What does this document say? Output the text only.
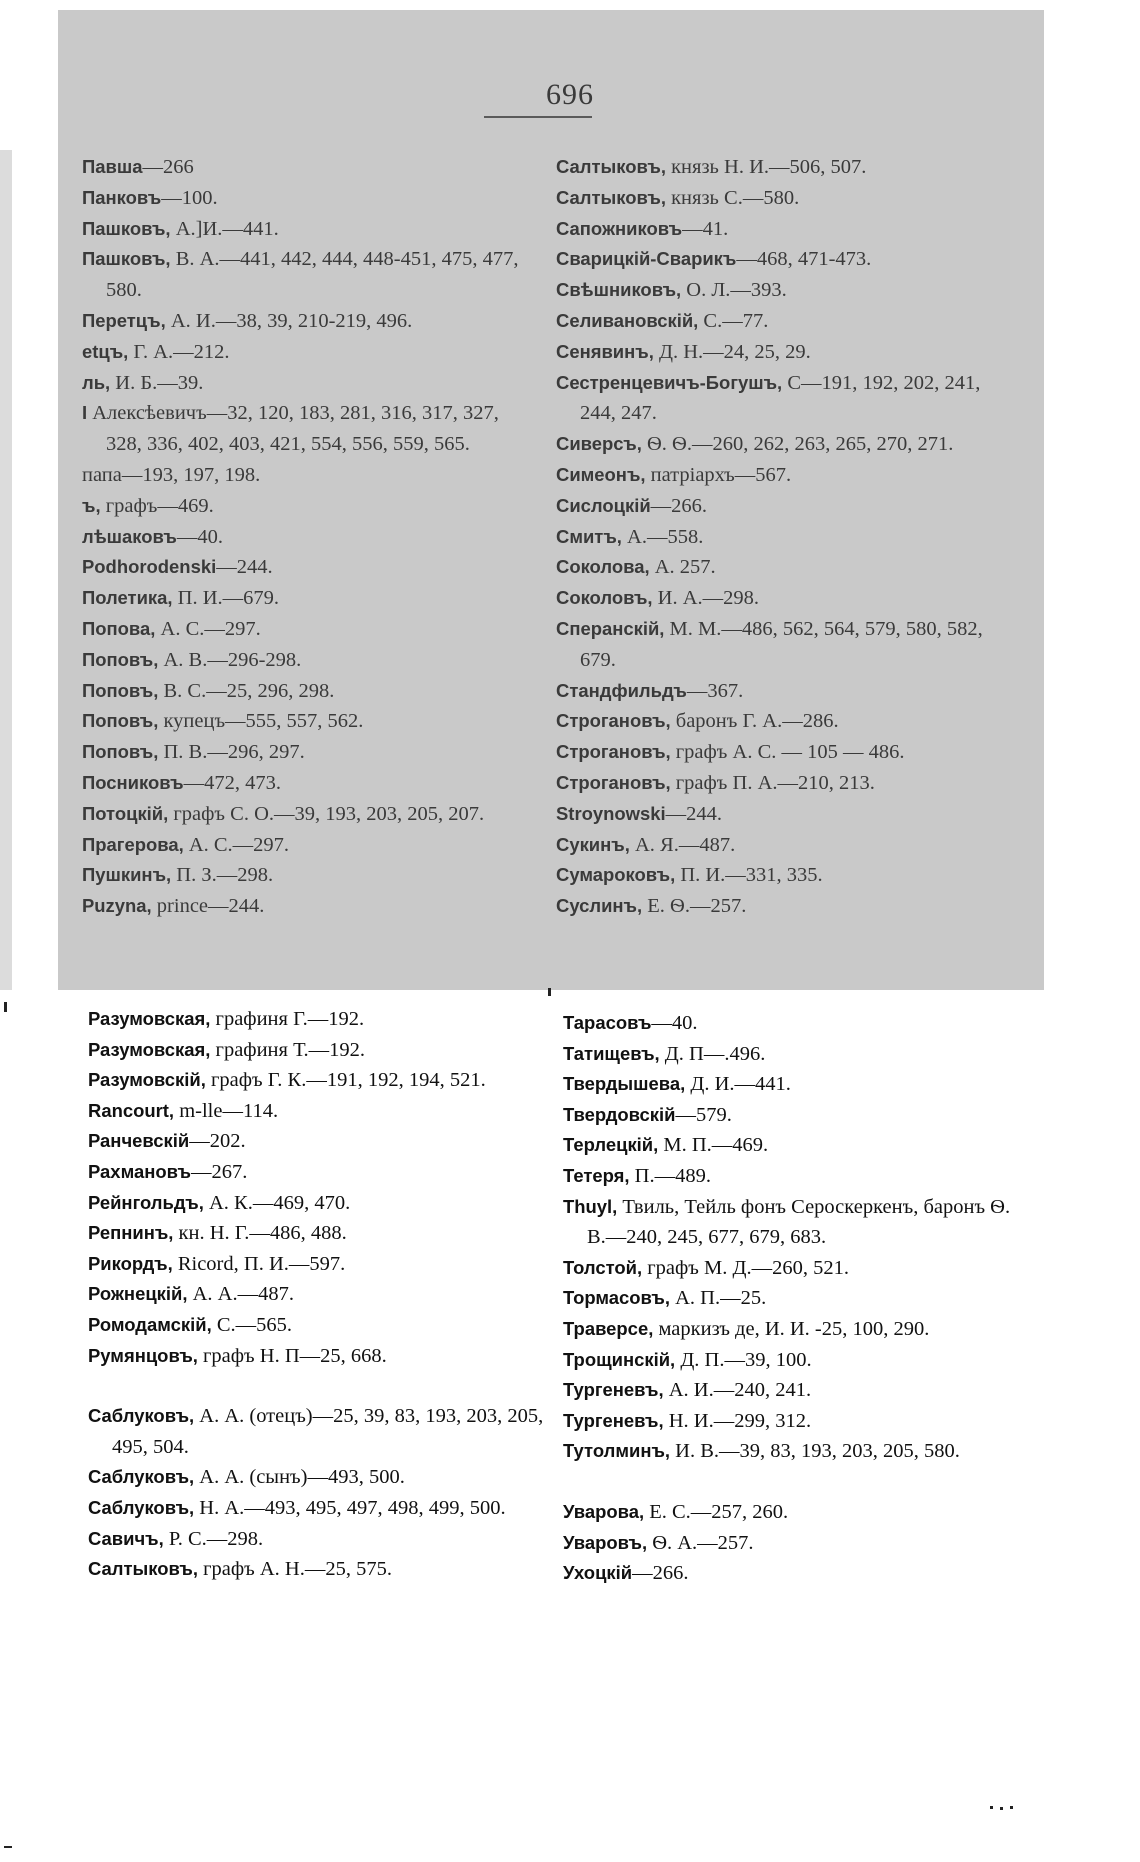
696
Павша—266
Панковъ—100.
Пашковъ, А.]И.—441.
Пашковъ, В. А.—441, 442, 444, 448-451, 475, 477, 580.
Перетцъ, А. И.—38, 39, 210-219, 496.
etцъ, Г. А.—212.
ль, И. Б.—39.
I Алексѣевичъ—32, 120, 183, 281, 316, 317, 327, 328, 336, 402, 403, 421, 554, 556, 559, 565.
папа—193, 197, 198.
ъ, графъ—469.
лѣшаковъ—40.
Podhorodenski—244.
Полетика, П. И.—679.
Попова, А. С.—297.
Поповъ, А. В.—296-298.
Поповъ, В. С.—25, 296, 298.
Поповъ, купецъ—555, 557, 562.
Поповъ, П. В.—296, 297.
Посниковъ—472, 473.
Потоцкій, графъ С. О.—39, 193, 203, 205, 207.
Прагерова, А. С.—297.
Пушкинъ, П. З.—298.
Puzyna, prince—244.
Салтыковъ, князь Н. И.—506, 507.
Салтыковъ, князь С.—580.
Сапожниковъ—41.
Сварицкій-Сварикъ—468, 471-473.
Свѣшниковъ, О. Л.—393.
Селивановскій, С.—77.
Сенявинъ, Д. Н.—24, 25, 29.
Сестренцевичъ-Богушъ, С—191, 192, 202, 241, 244, 247.
Сиверсъ, Ѳ. Ѳ.—260, 262, 263, 265, 270, 271.
Симеонъ, патріархъ—567.
Сислоцкій—266.
Смитъ, А.—558.
Соколова, А. 257.
Соколовъ, И. А.—298.
Сперанскій, М. М.—486, 562, 564, 579, 580, 582, 679.
Стандфильдъ—367.
Строгановъ, баронъ Г. А.—286.
Строгановъ, графъ А. С. — 105 — 486.
Строгановъ, графъ П. А.—210, 213.
Stroynowski—244.
Сукинъ, А. Я.—487.
Сумароковъ, П. И.—331, 335.
Суслинъ, Е. Ѳ.—257.
Разумовская, графиня Г.—192.
Разумовская, графиня Т.—192.
Разумовскій, графъ Г. К.—191, 192, 194, 521.
Rancourt, m-lle—114.
Ранчевскій—202.
Рахмановъ—267.
Рейнгольдъ, А. К.—469, 470.
Репнинъ, кн. Н. Г.—486, 488.
Рикордъ, Ricord, П. И.—597.
Рожнецкій, А. А.—487.
Ромодамскій, С.—565.
Румянцовъ, графъ Н. П—25, 668.
Саблуковъ, А. А. (отецъ)—25, 39, 83, 193, 203, 205, 495, 504.
Саблуковъ, А. А. (сынъ)—493, 500.
Саблуковъ, Н. А.—493, 495, 497, 498, 499, 500.
Савичъ, Р. С.—298.
Салтыковъ, графъ А. Н.—25, 575.
Тарасовъ—40.
Татищевъ, Д. П—.496.
Твердышева, Д. И.—441.
Твердовскій—579.
Терлецкій, М. П.—469.
Тетеря, П.—489.
Thuyl, Твиль, Тейль фонъ Сероскеркенъ, баронъ Ѳ. В.—240, 245, 677, 679, 683.
Толстой, графъ М. Д.—260, 521.
Тормасовъ, А. П.—25.
Траверсе, маркизъ де, И. И. -25, 100, 290.
Трощинскій, Д. П.—39, 100.
Тургеневъ, А. И.—240, 241.
Тургеневъ, Н. И.—299, 312.
Тутолминъ, И. В.—39, 83, 193, 203, 205, 580.
Уварова, Е. С.—257, 260.
Уваровъ, Ѳ. А.—257.
Ухоцкій—266.
